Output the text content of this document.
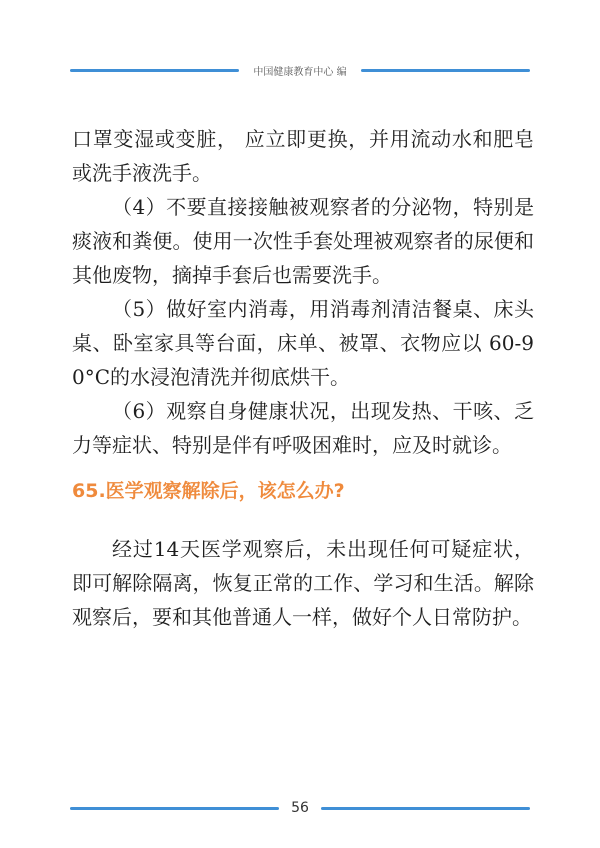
中国健康教育中心 编

口罩变湿或变脏， 应立即更换，并用流动水和肥皂或洗手液洗手。

（4）不要直接接触被观察者的分泌物，特别是痰液和粪便。使用一次性手套处理被观察者的尿便和其他废物，摘掉手套后也需要洗手。

（5）做好室内消毒，用消毒剂清洁餐桌、床头桌、卧室家具等台面，床单、被罩、衣物应以 60-90°C的水浸泡清洗并彻底烘干。

（6）观察自身健康状况，出现发热、干咳、乏力等症状、特别是伴有呼吸困难时，应及时就诊。

65.医学观察解除后，该怎么办?

经过14天医学观察后，未出现任何可疑症状，即可解除隔离，恢复正常的工作、学习和生活。解除观察后，要和其他普通人一样，做好个人日常防护。

56
